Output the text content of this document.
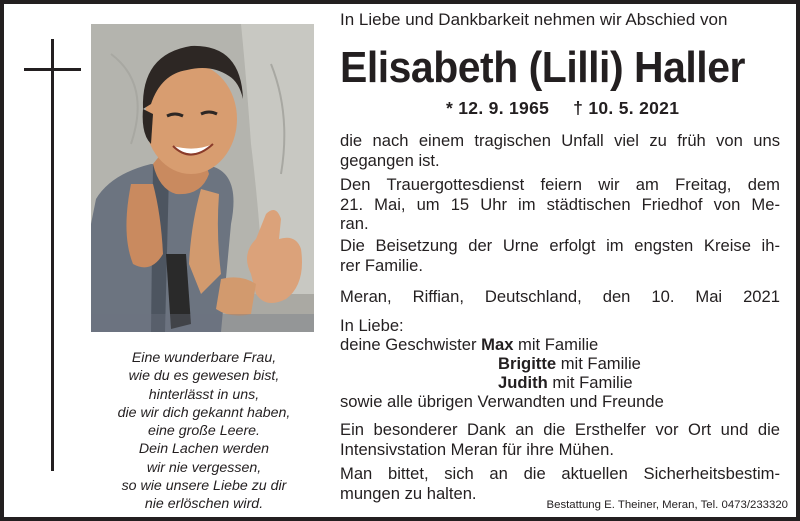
Eine wunderbare Frau,
wie du es gewesen bist,
hinterlässt in uns,
die wir dich gekannt haben,
eine große Leere.
Dein Lachen werden
wir nie vergessen,
so wie unsere Liebe zu dir
nie erlöschen wird.

In Liebe und Dankbarkeit nehmen wir Abschied von

Elisabeth (Lilli) Haller

* 12. 9. 1965 † 10. 5. 2021

die nach einem tragischen Unfall viel zu früh von uns
gegangen ist.
Den Trauergottesdienst feiern wir am Freitag, dem
21. Mai, um 15 Uhr im städtischen Friedhof von Me-
ran.
Die Beisetzung der Urne erfolgt im engsten Kreise ih-
rer Familie.
Meran, Riffian, Deutschland, den 10. Mai 2021

In Liebe:

deine Geschwister Max mit Familie
Brigitte mit Familie
Judith mit Familie

sowie alle übrigen Verwandten und Freunde

Ein besonderer Dank an die Ersthelfer vor Ort und die
Intensivstation Meran für ihre Mühen.
Man bittet, sich an die aktuellen Sicherheitsbestim-
mungen zu halten.
Bestattung E. Theiner, Meran, Tel. 0473/233320
